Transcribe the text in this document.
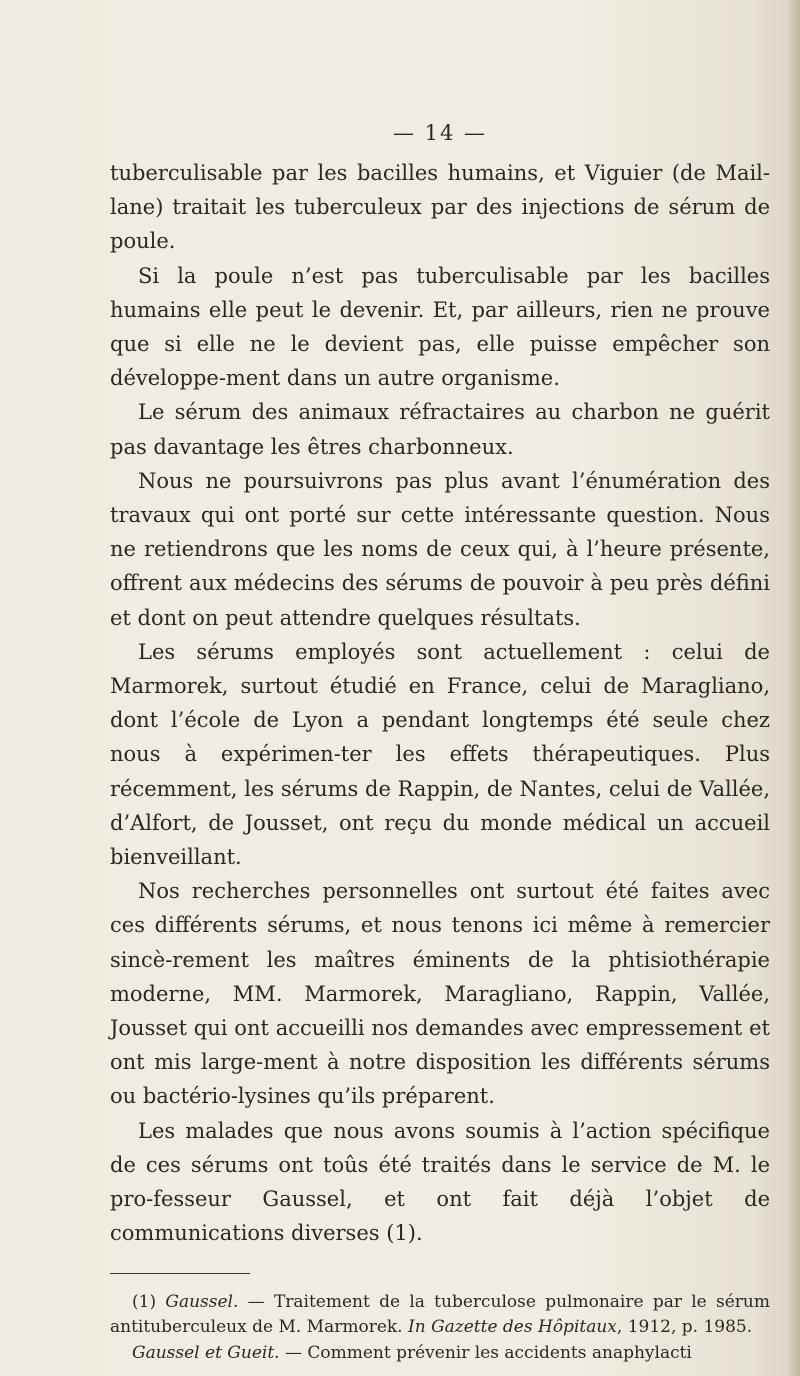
— 14 —

tuberculisable par les bacilles humains, et Viguier (de Mail-lane) traitait les tuberculeux par des injections de sérum de poule.

Si la poule n’est pas tuberculisable par les bacilles humains elle peut le devenir. Et, par ailleurs, rien ne prouve que si elle ne le devient pas, elle puisse empêcher son développe-ment dans un autre organisme.

Le sérum des animaux réfractaires au charbon ne guérit pas davantage les êtres charbonneux.

Nous ne poursuivrons pas plus avant l’énumération des travaux qui ont porté sur cette intéressante question. Nous ne retiendrons que les noms de ceux qui, à l’heure présente, offrent aux médecins des sérums de pouvoir à peu près défini et dont on peut attendre quelques résultats.

Les sérums employés sont actuellement : celui de Marmorek, surtout étudié en France, celui de Maragliano, dont l’école de Lyon a pendant longtemps été seule chez nous à expérimen-ter les effets thérapeutiques. Plus récemment, les sérums de Rappin, de Nantes, celui de Vallée, d’Alfort, de Jousset, ont reçu du monde médical un accueil bienveillant.

Nos recherches personnelles ont surtout été faites avec ces différents sérums, et nous tenons ici même à remercier sincè-rement les maîtres éminents de la phtisiothérapie moderne, MM. Marmorek, Maragliano, Rappin, Vallée, Jousset qui ont accueilli nos demandes avec empressement et ont mis large-ment à notre disposition les différents sérums ou bactério-lysines qu’ils préparent.

Les malades que nous avons soumis à l’action spécifique de ces sérums ont toûs été traités dans le service de M. le pro-fesseur Gaussel, et ont fait déjà l’objet de communications diverses (1).

(1) Gaussel. — Traitement de la tuberculose pulmonaire par le sérum antituberculeux de M. Marmorek. In Gazette des Hôpitaux, 1912, p. 1985.

Gaussel et Gueit. — Comment prévenir les accidents anaphylacti
